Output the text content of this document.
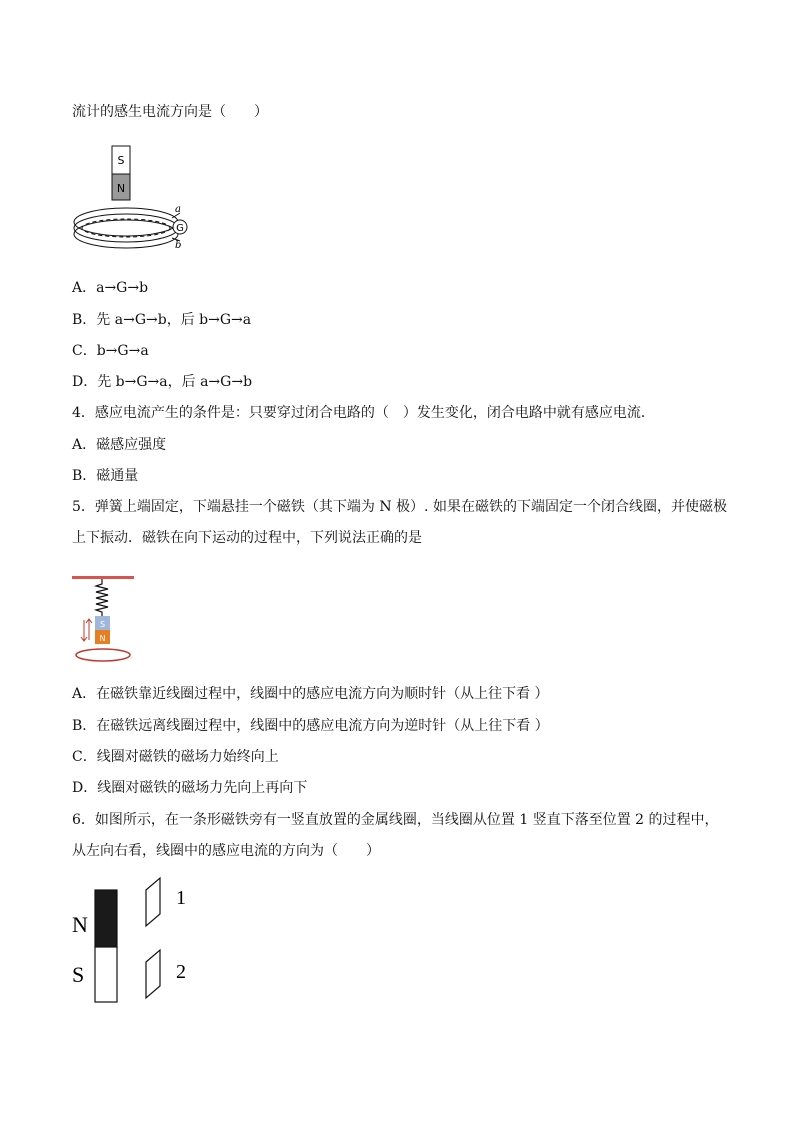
流计的感生电流方向是（　　）
S
N
G
a
b
A．a→G→b
B．先 a→G→b，后 b→G→a
C．b→G→a
D．先 b→G→a，后 a→G→b
4．感应电流产生的条件是：只要穿过闭合电路的（　）发生变化，闭合电路中就有感应电流．
A．磁感应强度
B．磁通量
5．弹簧上端固定，下端悬挂一个磁铁（其下端为 N 极）. 如果在磁铁的下端固定一个闭合线圈，并使磁极
上下振动．磁铁在向下运动的过程中，下列说法正确的是
S
N
A．在磁铁靠近线圈过程中，线圈中的感应电流方向为顺时针（从上往下看 ）
B．在磁铁远离线圈过程中，线圈中的感应电流方向为逆时针（从上往下看 ）
C．线圈对磁铁的磁场力始终向上
D．线圈对磁铁的磁场力先向上再向下
6．如图所示，在一条形磁铁旁有一竖直放置的金属线圈，当线圈从位置 1 竖直下落至位置 2 的过程中，
从左向右看，线圈中的感应电流的方向为（　　）
N
S
1
2
